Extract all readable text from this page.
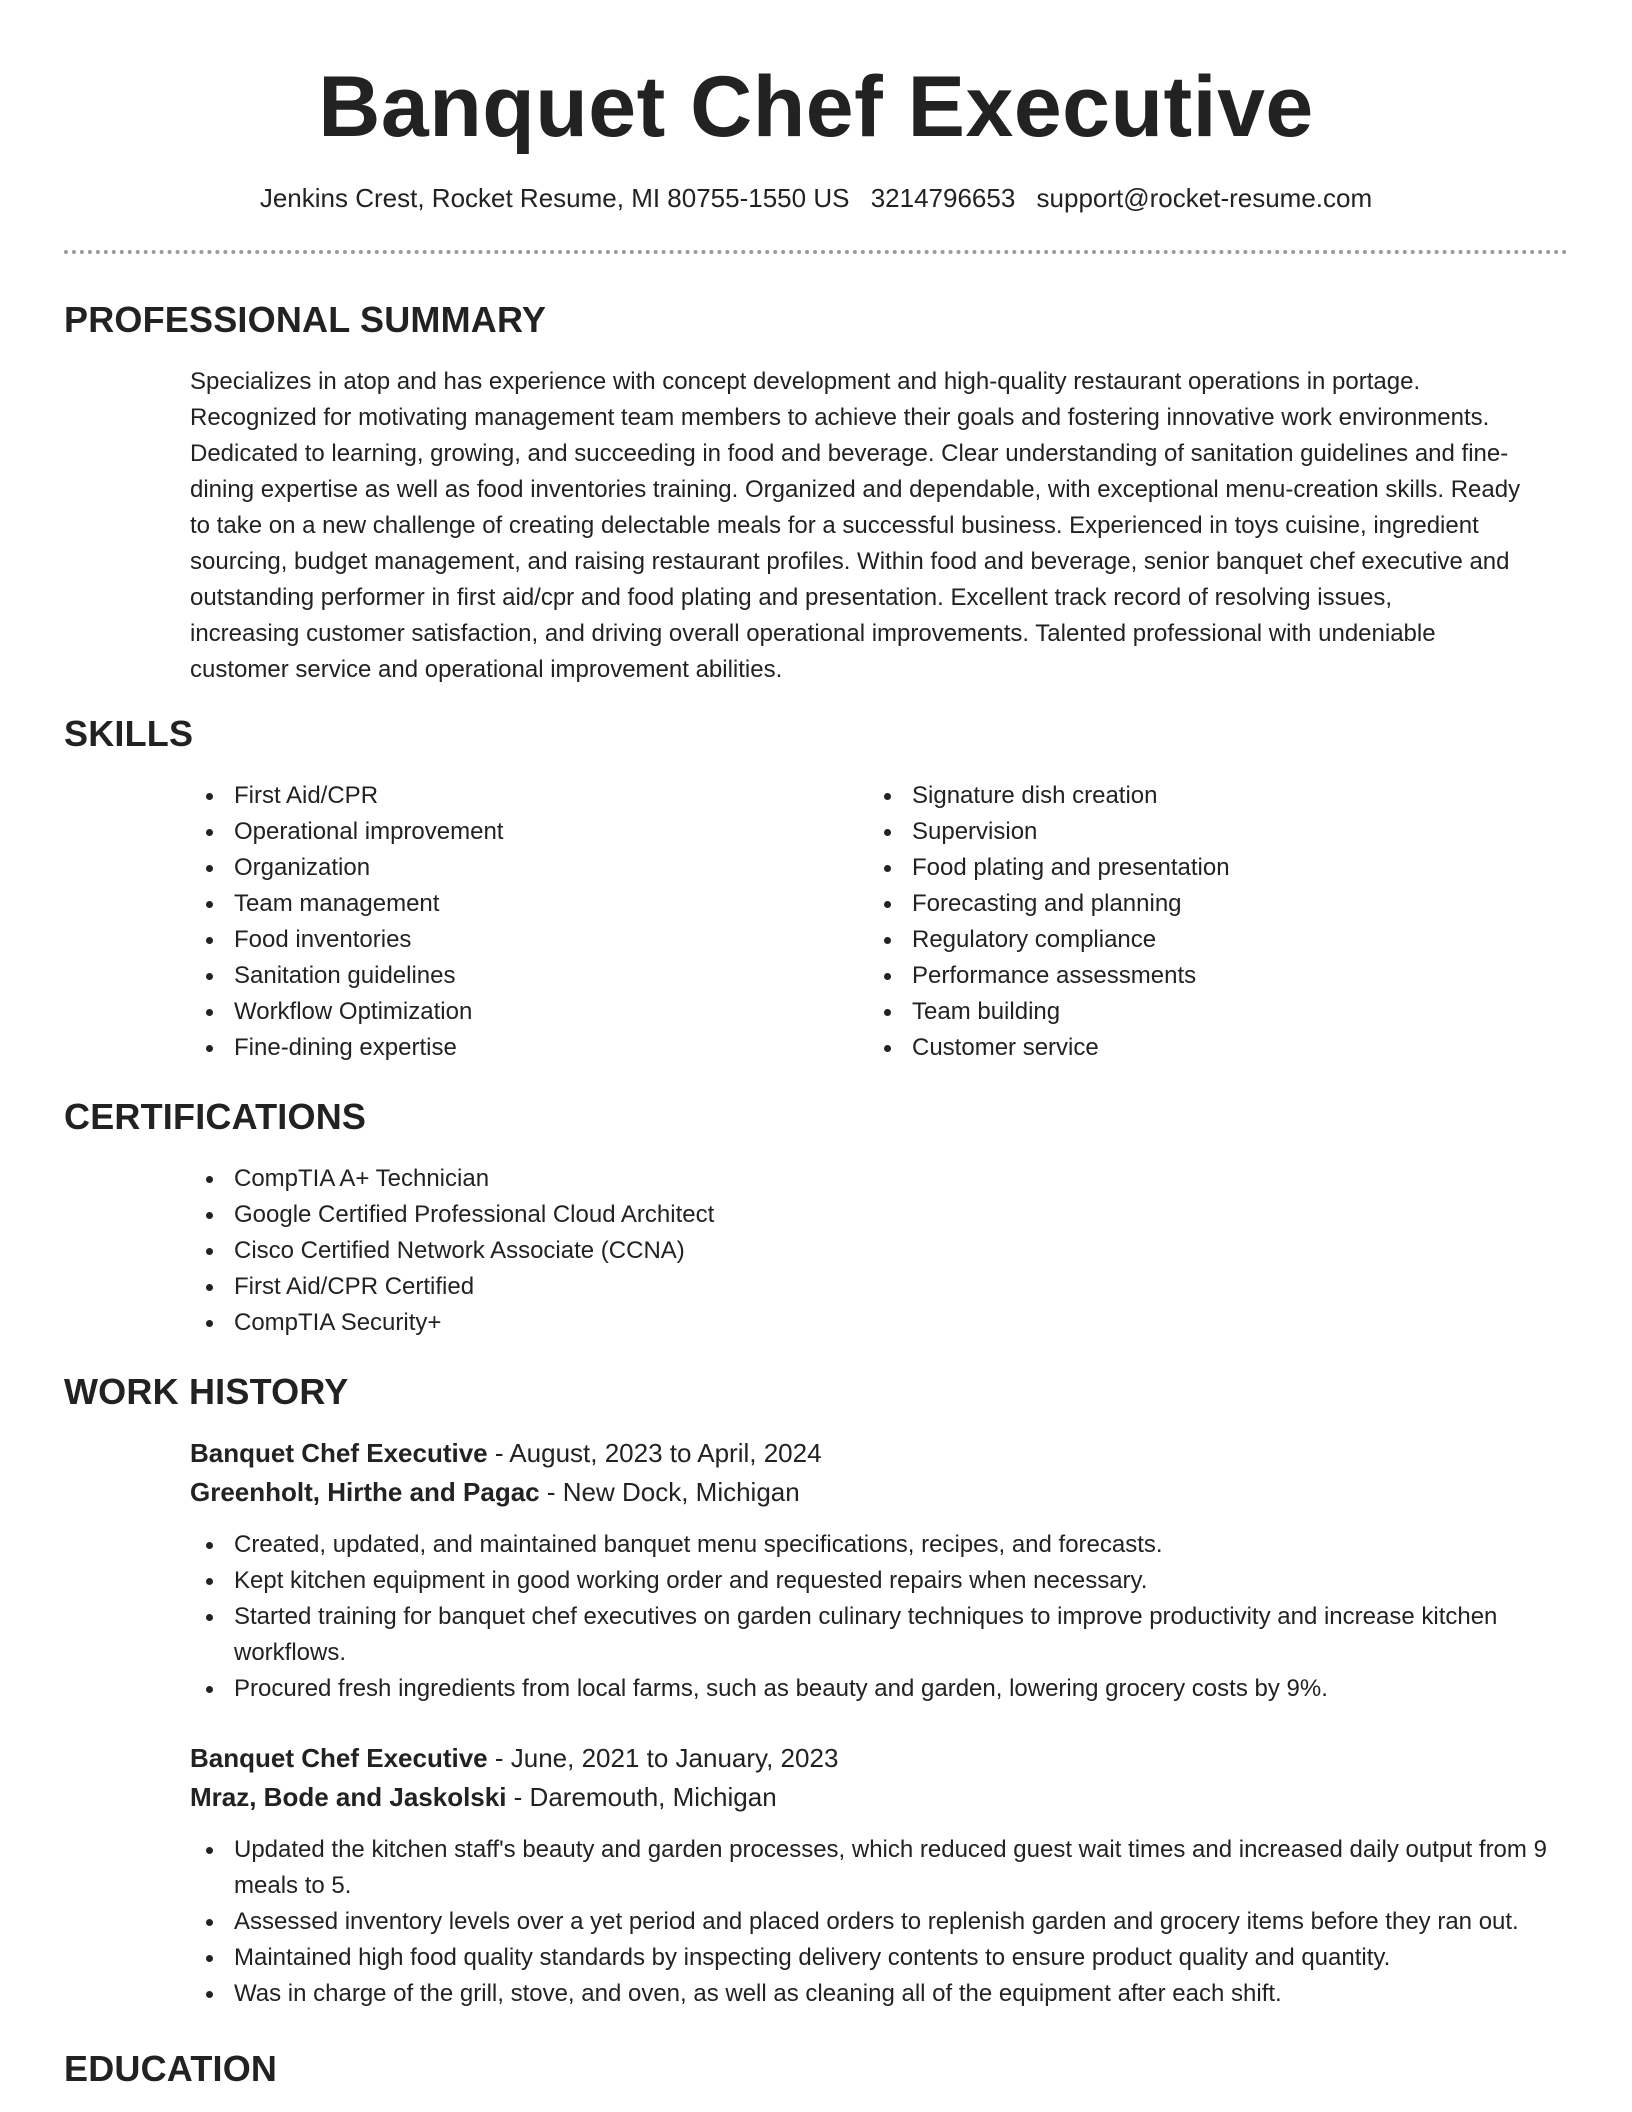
Banquet Chef Executive
Jenkins Crest, Rocket Resume, MI 80755-1550 US 3214796653 support@rocket-resume.com
PROFESSIONAL SUMMARY
Specializes in atop and has experience with concept development and high-quality restaurant operations in portage.
Recognized for motivating management team members to achieve their goals and fostering innovative work environments.
Dedicated to learning, growing, and succeeding in food and beverage. Clear understanding of sanitation guidelines and fine-
dining expertise as well as food inventories training. Organized and dependable, with exceptional menu-creation skills. Ready
to take on a new challenge of creating delectable meals for a successful business. Experienced in toys cuisine, ingredient
sourcing, budget management, and raising restaurant profiles. Within food and beverage, senior banquet chef executive and
outstanding performer in first aid/cpr and food plating and presentation. Excellent track record of resolving issues,
increasing customer satisfaction, and driving overall operational improvements. Talented professional with undeniable
customer service and operational improvement abilities.
SKILLS
First Aid/CPR
Operational improvement
Organization
Team management
Food inventories
Sanitation guidelines
Workflow Optimization
Fine-dining expertise
Signature dish creation
Supervision
Food plating and presentation
Forecasting and planning
Regulatory compliance
Performance assessments
Team building
Customer service
CERTIFICATIONS
CompTIA A+ Technician
Google Certified Professional Cloud Architect
Cisco Certified Network Associate (CCNA)
First Aid/CPR Certified
CompTIA Security+
WORK HISTORY
Banquet Chef Executive - August, 2023 to April, 2024
Greenholt, Hirthe and Pagac - New Dock, Michigan
Created, updated, and maintained banquet menu specifications, recipes, and forecasts.
Kept kitchen equipment in good working order and requested repairs when necessary.
Started training for banquet chef executives on garden culinary techniques to improve productivity and increase kitchen workflows.
Procured fresh ingredients from local farms, such as beauty and garden, lowering grocery costs by 9%.
Banquet Chef Executive - June, 2021 to January, 2023
Mraz, Bode and Jaskolski - Daremouth, Michigan
Updated the kitchen staff's beauty and garden processes, which reduced guest wait times and increased daily output from 9 meals to 5.
Assessed inventory levels over a yet period and placed orders to replenish garden and grocery items before they ran out.
Maintained high food quality standards by inspecting delivery contents to ensure product quality and quantity.
Was in charge of the grill, stove, and oven, as well as cleaning all of the equipment after each shift.
EDUCATION
